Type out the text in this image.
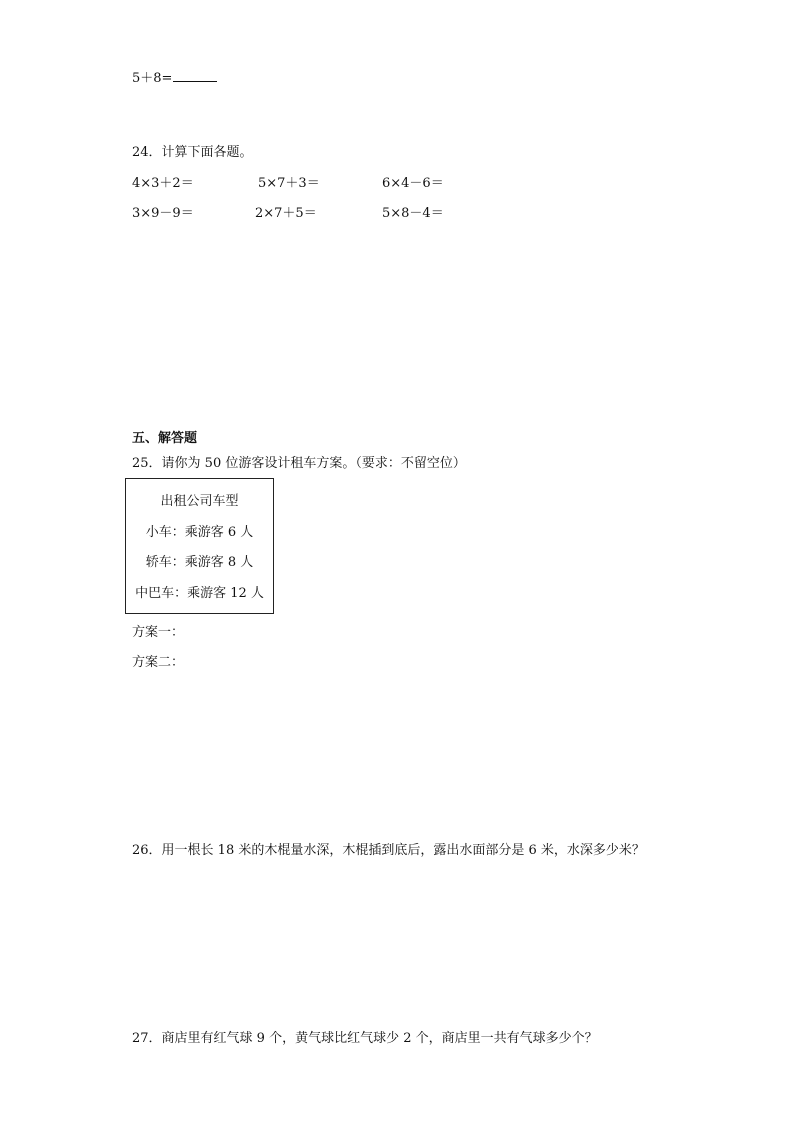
5＋8=
24．计算下面各题。
4×3＋2＝	5×7＋3＝	6×4－6＝
3×9－9＝	2×7＋5＝	5×8－4＝
五、解答题
25．请你为 50 位游客设计租车方案。（要求：不留空位）
出租公司车型
小车：乘游客 6 人
轿车：乘游客 8 人
中巴车：乘游客 12 人
方案一：
方案二：
26．用一根长 18 米的木棍量水深，木棍插到底后，露出水面部分是 6 米，水深多少米？
27．商店里有红气球 9 个，黄气球比红气球少 2 个，商店里一共有气球多少个？
